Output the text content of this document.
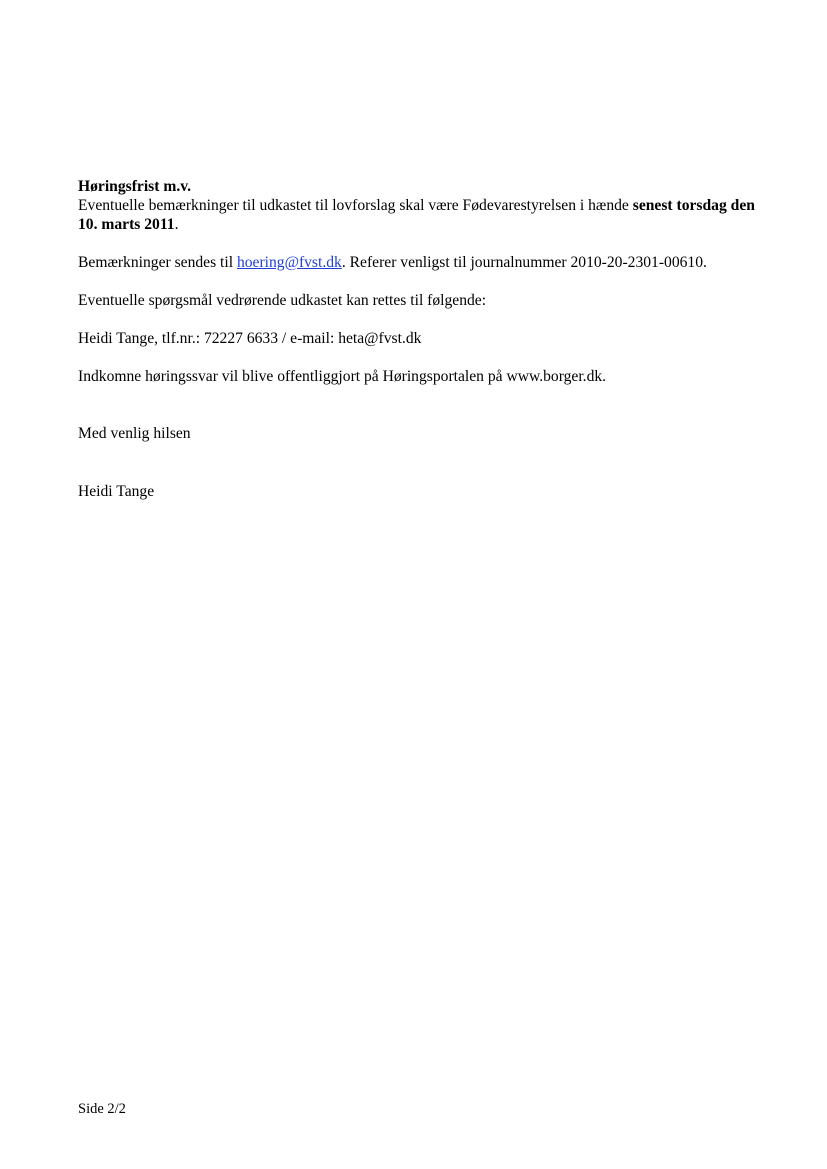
Høringsfrist m.v.

Eventuelle bemærkninger til udkastet til lovforslag skal være Fødevarestyrelsen i hænde senest torsdag den 10. marts 2011.

Bemærkninger sendes til hoering@fvst.dk. Referer venligst til journalnummer 2010-20-2301-00610.

Eventuelle spørgsmål vedrørende udkastet kan rettes til følgende:

Heidi Tange, tlf.nr.: 72227 6633 / e-mail: heta@fvst.dk

Indkomne høringssvar vil blive offentliggjort på Høringsportalen på www.borger.dk.

Med venlig hilsen

Heidi Tange

Side 2/2
